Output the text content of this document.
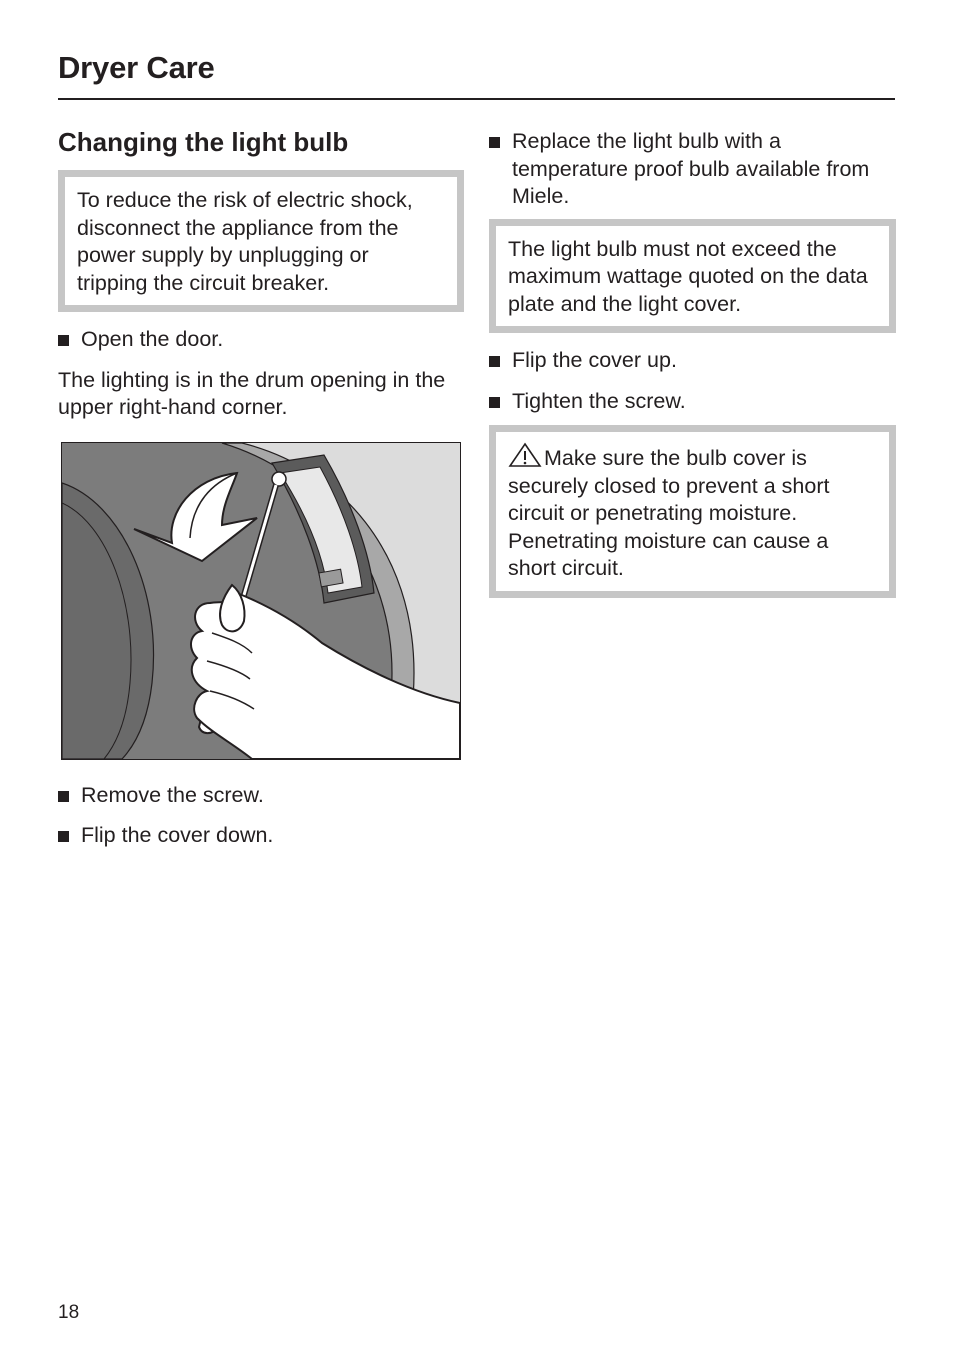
Dryer Care
Changing the light bulb
To reduce the risk of electric shock, disconnect the appliance from the power supply by unplugging or tripping the circuit breaker.
Open the door.
The lighting is in the drum opening in the upper right-hand corner.
Remove the screw.
Flip the cover down.
Replace the light bulb with a temperature proof bulb available from Miele.
The light bulb must not exceed the maximum wattage quoted on the data plate and the light cover.
Flip the cover up.
Tighten the screw.
Make sure the bulb cover is securely closed to prevent a short circuit or penetrating moisture. Penetrating moisture can cause a short circuit.
18
